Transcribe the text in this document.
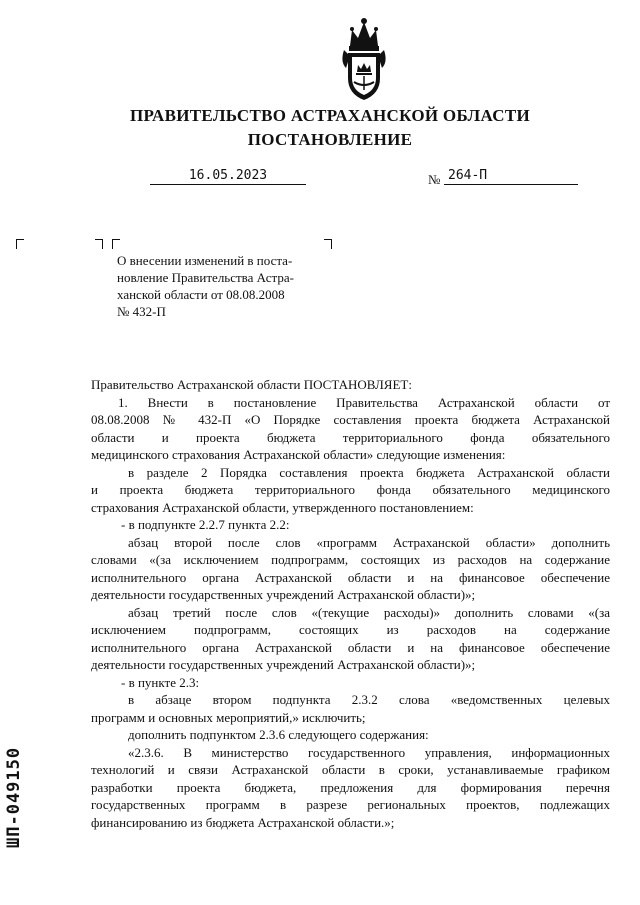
ПРАВИТЕЛЬСТВО АСТРАХАНСКОЙ ОБЛАСТИ
ПОСТАНОВЛЕНИЕ
16.05.2023	№ 264-П
О внесении изменений в поста-
новление Правительства Астра-
ханской области от 08.08.2008
№ 432-П
Правительство Астраханской области ПОСТАНОВЛЯЕТ:
1. Внести в постановление Правительства Астраханской области от
08.08.2008 № 432-П «О Порядке составления проекта бюджета Астраханской
области и проекта бюджета территориального фонда обязательного
медицинского страхования Астраханской области» следующие изменения:
в разделе 2 Порядка составления проекта бюджета Астраханской области
и проекта бюджета территориального фонда обязательного медицинского
страхования Астраханской области, утвержденного постановлением:
- в подпункте 2.2.7 пункта 2.2:
абзац второй после слов «программ Астраханской области» дополнить
словами «(за исключением подпрограмм, состоящих из расходов на содержание
исполнительного органа Астраханской области и на финансовое обеспечение
деятельности государственных учреждений Астраханской области)»;
абзац третий после слов «(текущие расходы)» дополнить словами «(за
исключением подпрограмм, состоящих из расходов на содержание
исполнительного органа Астраханской области и на финансовое обеспечение
деятельности государственных учреждений Астраханской области)»;
- в пункте 2.3:
в абзаце втором подпункта 2.3.2 слова «ведомственных целевых
программ и основных мероприятий,» исключить;
дополнить подпунктом 2.3.6 следующего содержания:
«2.3.6. В министерство государственного управления, информационных
технологий и связи Астраханской области в сроки, устанавливаемые графиком
разработки проекта бюджета, предложения для формирования перечня
государственных программ в разрезе региональных проектов, подлежащих
финансированию из бюджета Астраханской области.»;
ШП-049150
